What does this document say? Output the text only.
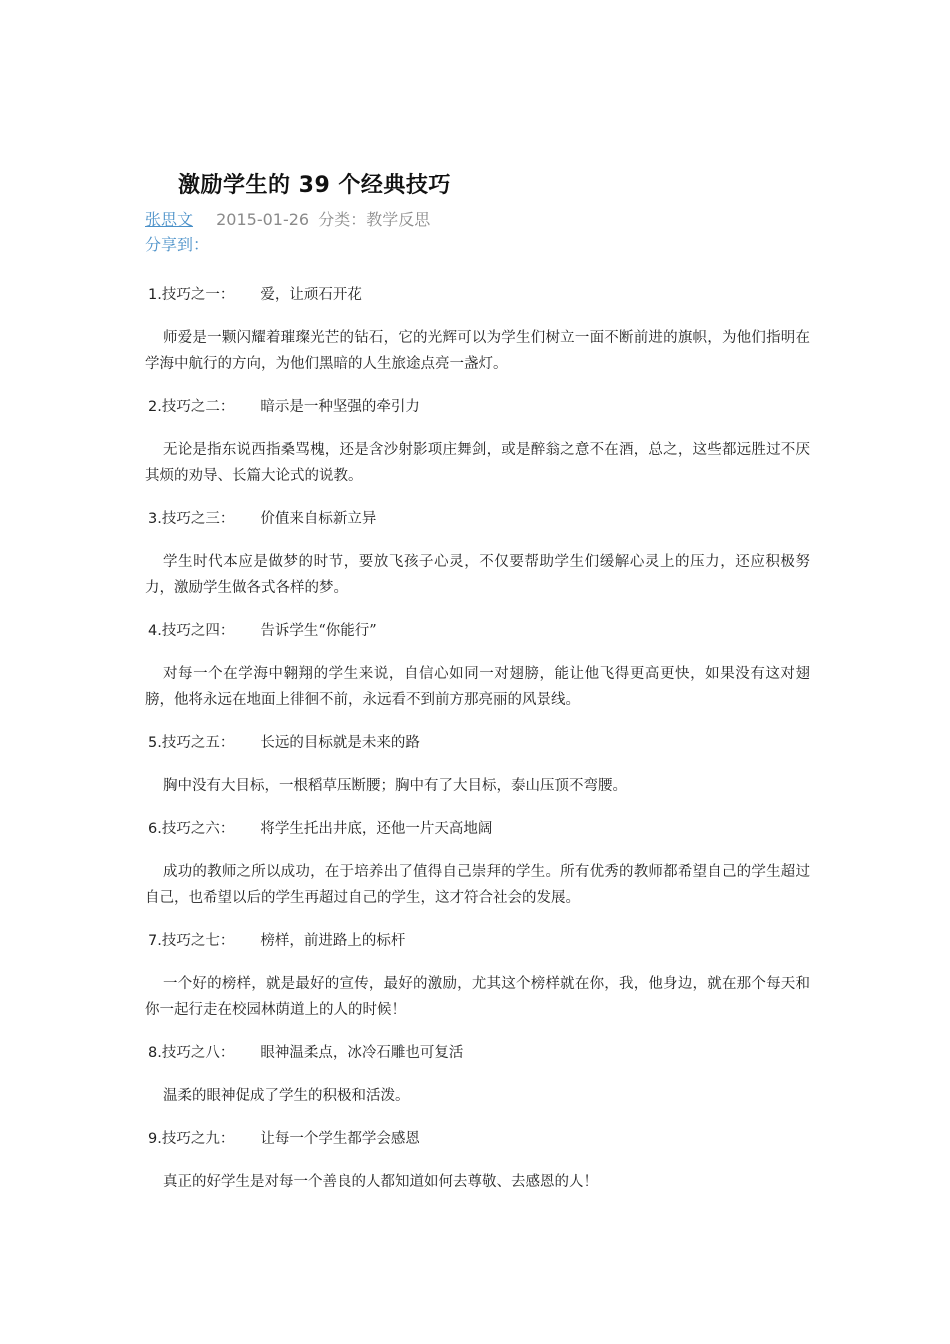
激励学生的 39 个经典技巧
张思文 2015-01-26 分类：教学反思
分享到：
1.技巧之一： 爱，让顽石开花
师爱是一颗闪耀着璀璨光芒的钻石，它的光辉可以为学生们树立一面不断前进的旗帜，为他们指明在学海中航行的方向，为他们黑暗的人生旅途点亮一盏灯。
2.技巧之二： 暗示是一种坚强的牵引力
无论是指东说西指桑骂槐，还是含沙射影项庄舞剑，或是醉翁之意不在酒，总之，这些都远胜过不厌其烦的劝导、长篇大论式的说教。
3.技巧之三： 价值来自标新立异
学生时代本应是做梦的时节，要放飞孩子心灵，不仅要帮助学生们缓解心灵上的压力，还应积极努力，激励学生做各式各样的梦。
4.技巧之四： 告诉学生“你能行”
对每一个在学海中翱翔的学生来说，自信心如同一对翅膀，能让他飞得更高更快，如果没有这对翅膀，他将永远在地面上徘徊不前，永远看不到前方那亮丽的风景线。
5.技巧之五： 长远的目标就是未来的路
胸中没有大目标，一根稻草压断腰；胸中有了大目标，泰山压顶不弯腰。
6.技巧之六： 将学生托出井底，还他一片天高地阔
成功的教师之所以成功，在于培养出了值得自己崇拜的学生。所有优秀的教师都希望自己的学生超过自己，也希望以后的学生再超过自己的学生，这才符合社会的发展。
7.技巧之七： 榜样，前进路上的标杆
一个好的榜样，就是最好的宣传，最好的激励，尤其这个榜样就在你，我，他身边，就在那个每天和你一起行走在校园林荫道上的人的时候！
8.技巧之八： 眼神温柔点，冰冷石雕也可复活
温柔的眼神促成了学生的积极和活泼。
9.技巧之九： 让每一个学生都学会感恩
真正的好学生是对每一个善良的人都知道如何去尊敬、去感恩的人！
